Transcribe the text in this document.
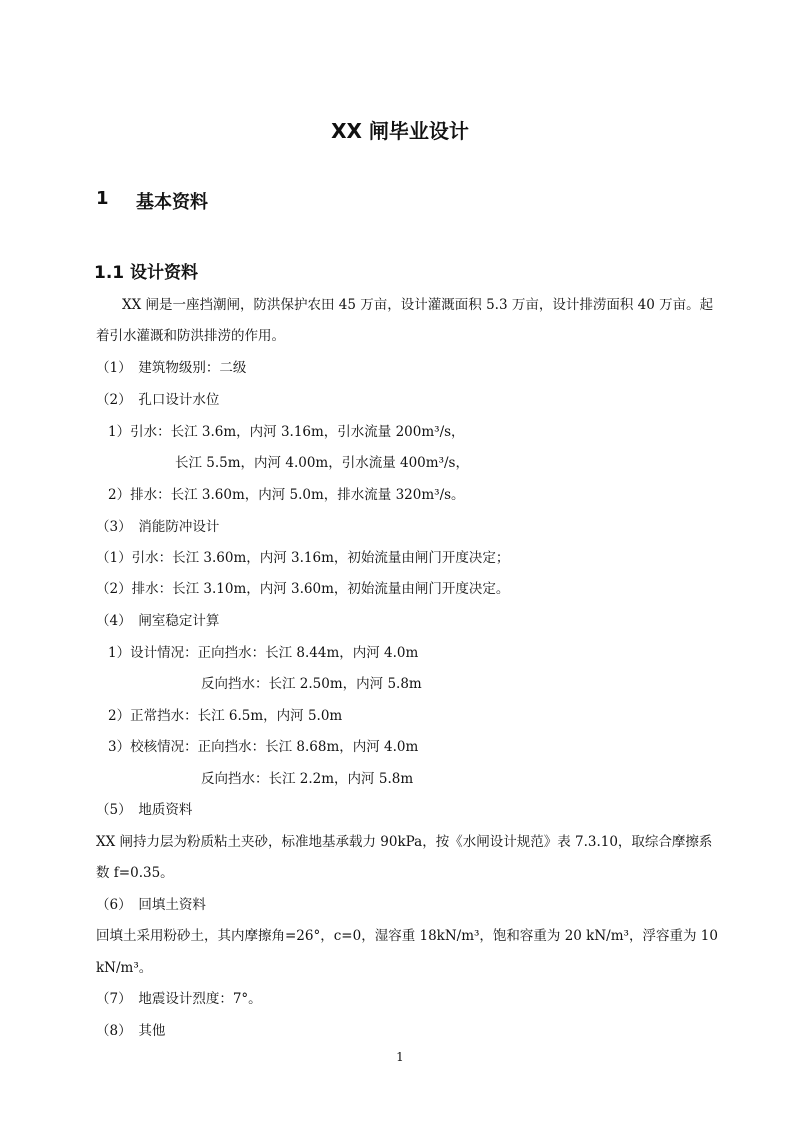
XX 闸毕业设计
1 基本资料
1.1 设计资料
XX 闸是一座挡潮闸，防洪保护农田 45 万亩，设计灌溉面积 5.3 万亩，设计排涝面积 40 万亩。起
着引水灌溉和防洪排涝的作用。
（1）　建筑物级别：二级
（2）　孔口设计水位
1）引水：长江 3.6m，内河 3.16m，引水流量 200m³/s，
长江 5.5m，内河 4.00m，引水流量 400m³/s，
2）排水：长江 3.60m，内河 5.0m，排水流量 320m³/s。
（3）　消能防冲设计
（1）引水：长江 3.60m，内河 3.16m，初始流量由闸门开度决定；
（2）排水：长江 3.10m，内河 3.60m，初始流量由闸门开度决定。
（4）　闸室稳定计算
1）设计情况：正向挡水：长江 8.44m，内河 4.0m
反向挡水：长江 2.50m，内河 5.8m
2）正常挡水：长江 6.5m，内河 5.0m
3）校核情况：正向挡水：长江 8.68m，内河 4.0m
反向挡水：长江 2.2m，内河 5.8m
（5）　地质资料
XX 闸持力层为粉质粘土夹砂，标准地基承载力 90kPa，按《水闸设计规范》表 7.3.10，取综合摩擦系
数 f=0.35。
（6）　回填土资料
回填土采用粉砂土，其内摩擦角=26°，c=0，湿容重 18kN/m³，饱和容重为 20 kN/m³，浮容重为 10
kN/m³。
（7）　地震设计烈度：7°。
（8）　其他
1
